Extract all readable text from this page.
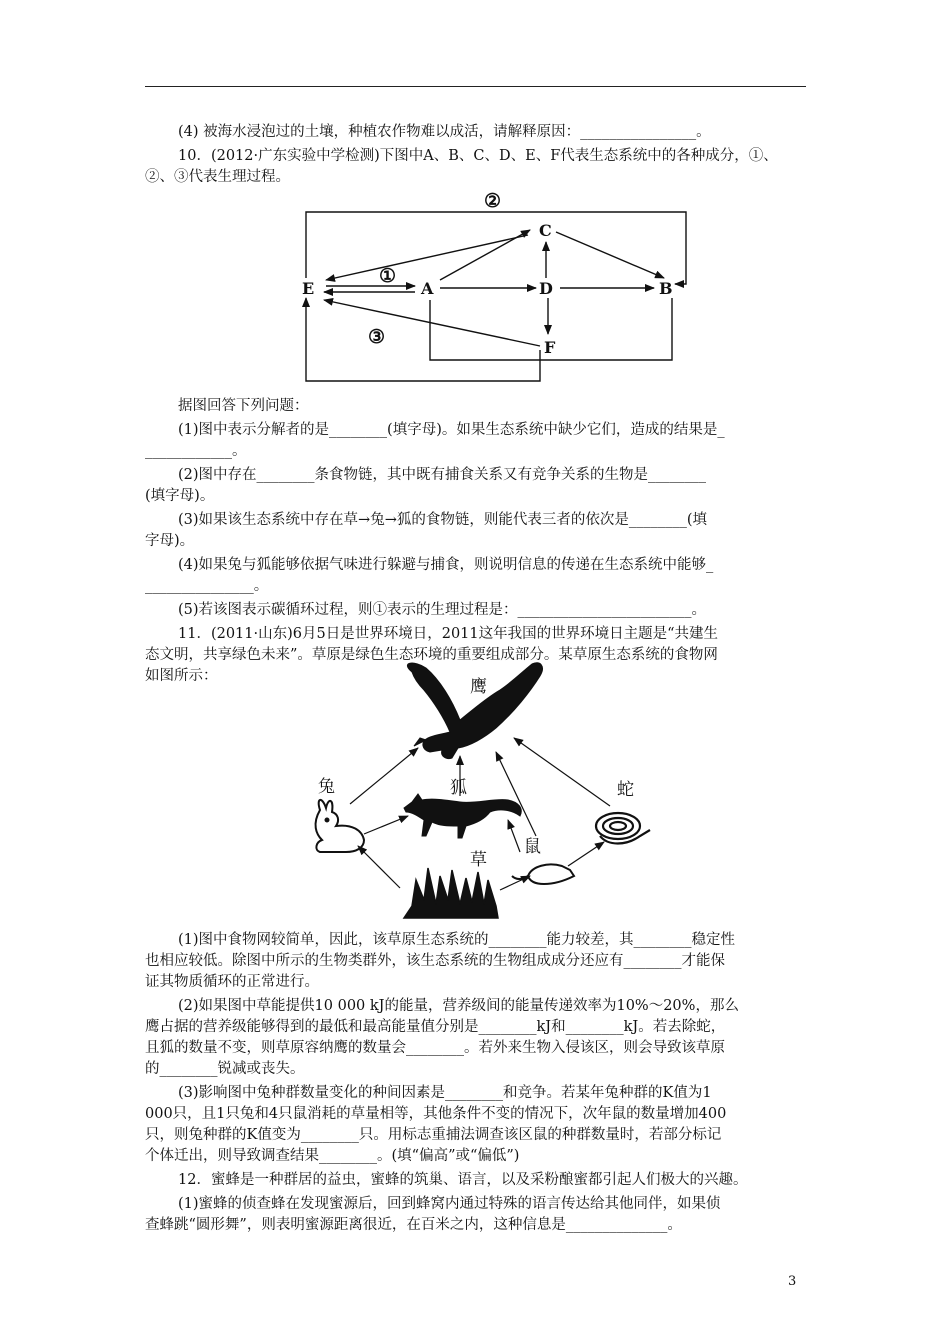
(4) 被海水浸泡过的土壤，种植农作物难以成活，请解释原因：________________。
10．(2012·广东实验中学检测)下图中A、B、C、D、E、F代表生态系统中的各种成分，①、
②、③代表生理过程。
E	A	D	B
C
F
①
②
③
据图回答下列问题：
(1)图中表示分解者的是________(填字母)。如果生态系统中缺少它们，造成的结果是_
____________。
(2)图中存在________条食物链，其中既有捕食关系又有竞争关系的生物是________
(填字母)。
(3)如果该生态系统中存在草→兔→狐的食物链，则能代表三者的依次是________(填
字母)。
(4)如果兔与狐能够依据气味进行躲避与捕食，则说明信息的传递在生态系统中能够_
_______________。
(5)若该图表示碳循环过程，则①表示的生理过程是：________________________。
11．(2011·山东)6月5日是世界环境日，2011这年我国的世界环境日主题是“共建生
态文明，共享绿色未来”。草原是绿色生态环境的重要组成部分。某草原生态系统的食物网
如图所示：
鹰
兔	狐	蛇
草
鼠
(1)图中食物网较简单，因此，该草原生态系统的________能力较差，其________稳定性
也相应较低。除图中所示的生物类群外，该生态系统的生物组成成分还应有________才能保
证其物质循环的正常进行。
(2)如果图中草能提供10 000 kJ的能量，营养级间的能量传递效率为10%～20%，那么
鹰占据的营养级能够得到的最低和最高能量值分别是________kJ和________kJ。若去除蛇，
且狐的数量不变，则草原容纳鹰的数量会________。若外来生物入侵该区，则会导致该草原
的________锐减或丧失。
(3)影响图中兔种群数量变化的种间因素是________和竞争。若某年兔种群的K值为1
000只，且1只兔和4只鼠消耗的草量相等，其他条件不变的情况下，次年鼠的数量增加400
只，则兔种群的K值变为________只。用标志重捕法调查该区鼠的种群数量时，若部分标记
个体迁出，则导致调查结果________。(填“偏高”或“偏低”)
12．蜜蜂是一种群居的益虫，蜜蜂的筑巢、语言，以及采粉酿蜜都引起人们极大的兴趣。
(1)蜜蜂的侦查蜂在发现蜜源后，回到蜂窝内通过特殊的语言传达给其他同伴，如果侦
查蜂跳“圆形舞”，则表明蜜源距离很近，在百米之内，这种信息是______________。
3
